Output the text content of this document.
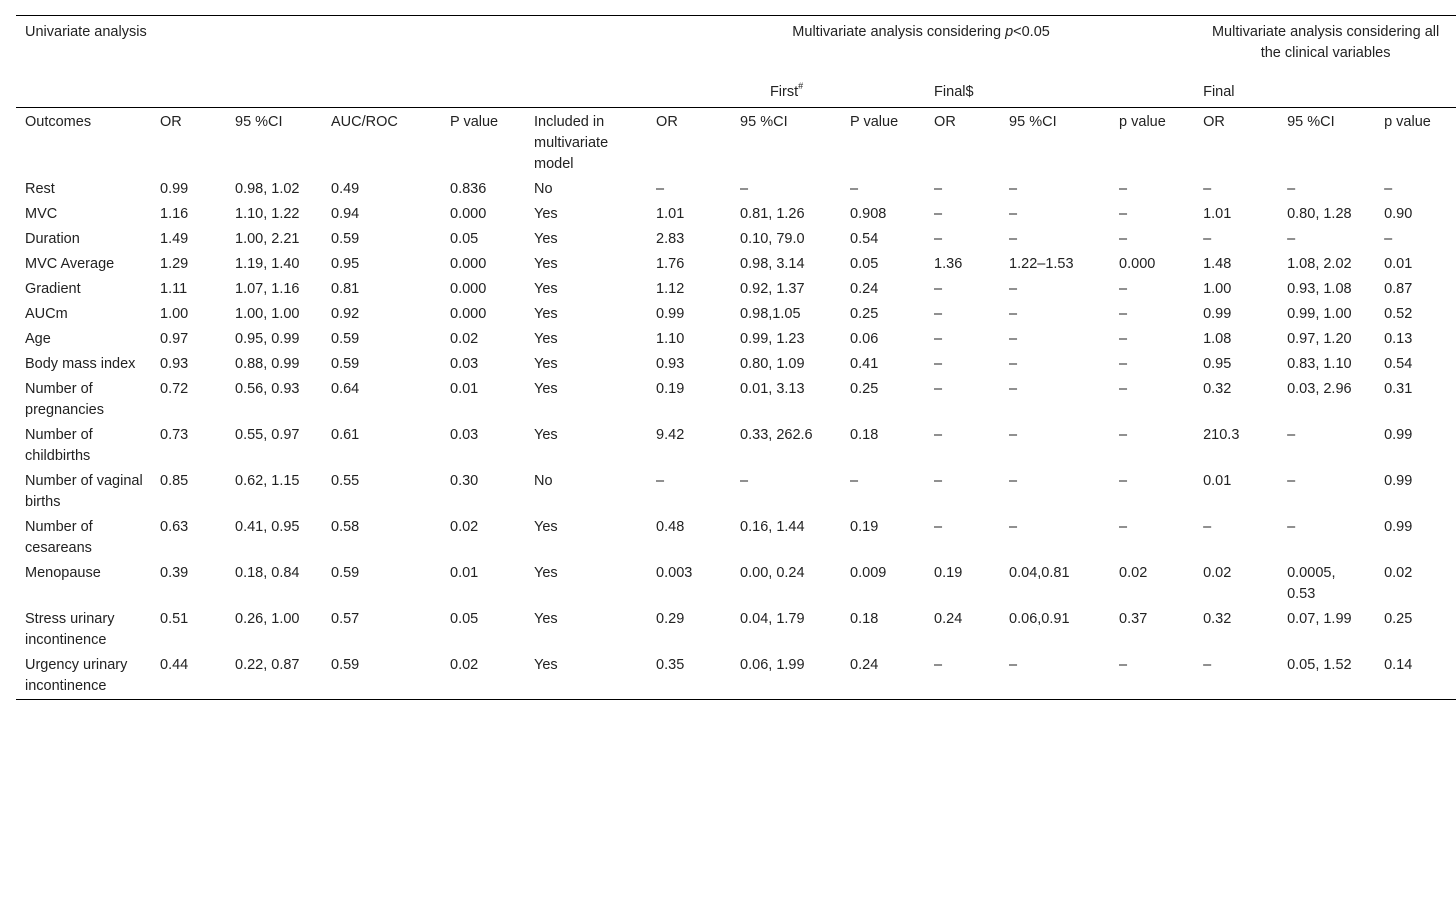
Univariate analysis						Multivariate analysis considering p<0.05						Multivariate analysis considering all the clinical variables		
						First#			Final$			Final		
Outcomes	OR	95 %CI	AUC/ROC	P value	Included in multivariate model	OR	95 %CI	P value	OR	95 %CI	p value	OR	95 %CI	p value
Rest	0.99	0.98, 1.02	0.49	0.836	No	–	–	–	–	–	–	–	–	–
MVC	1.16	1.10, 1.22	0.94	0.000	Yes	1.01	0.81, 1.26	0.908	–	–	–	1.01	0.80, 1.28	0.90
Duration	1.49	1.00, 2.21	0.59	0.05	Yes	2.83	0.10, 79.0	0.54	–	–	–	–	–	–
MVC Average	1.29	1.19, 1.40	0.95	0.000	Yes	1.76	0.98, 3.14	0.05	1.36	1.22–1.53	0.000	1.48	1.08, 2.02	0.01
Gradient	1.11	1.07, 1.16	0.81	0.000	Yes	1.12	0.92, 1.37	0.24	–	–	–	1.00	0.93, 1.08	0.87
AUCm	1.00	1.00, 1.00	0.92	0.000	Yes	0.99	0.98,1.05	0.25	–	–	–	0.99	0.99, 1.00	0.52
Age	0.97	0.95, 0.99	0.59	0.02	Yes	1.10	0.99, 1.23	0.06	–	–	–	1.08	0.97, 1.20	0.13
Body mass index	0.93	0.88, 0.99	0.59	0.03	Yes	0.93	0.80, 1.09	0.41	–	–	–	0.95	0.83, 1.10	0.54
Number of pregnancies	0.72	0.56, 0.93	0.64	0.01	Yes	0.19	0.01, 3.13	0.25	–	–	–	0.32	0.03, 2.96	0.31
Number of childbirths	0.73	0.55, 0.97	0.61	0.03	Yes	9.42	0.33, 262.6	0.18	–	–	–	210.3	–	0.99
Number of vaginal births	0.85	0.62, 1.15	0.55	0.30	No	–	–	–	–	–	–	0.01	–	0.99
Number of cesareans	0.63	0.41, 0.95	0.58	0.02	Yes	0.48	0.16, 1.44	0.19	–	–	–	–	–	0.99
Menopause	0.39	0.18, 0.84	0.59	0.01	Yes	0.003	0.00, 0.24	0.009	0.19	0.04,0.81	0.02	0.02	0.0005, 0.53	0.02
Stress urinary incontinence	0.51	0.26, 1.00	0.57	0.05	Yes	0.29	0.04, 1.79	0.18	0.24	0.06,0.91	0.37	0.32	0.07, 1.99	0.25
Urgency urinary incontinence	0.44	0.22, 0.87	0.59	0.02	Yes	0.35	0.06, 1.99	0.24	–	–	–	–	0.05, 1.52	0.14
